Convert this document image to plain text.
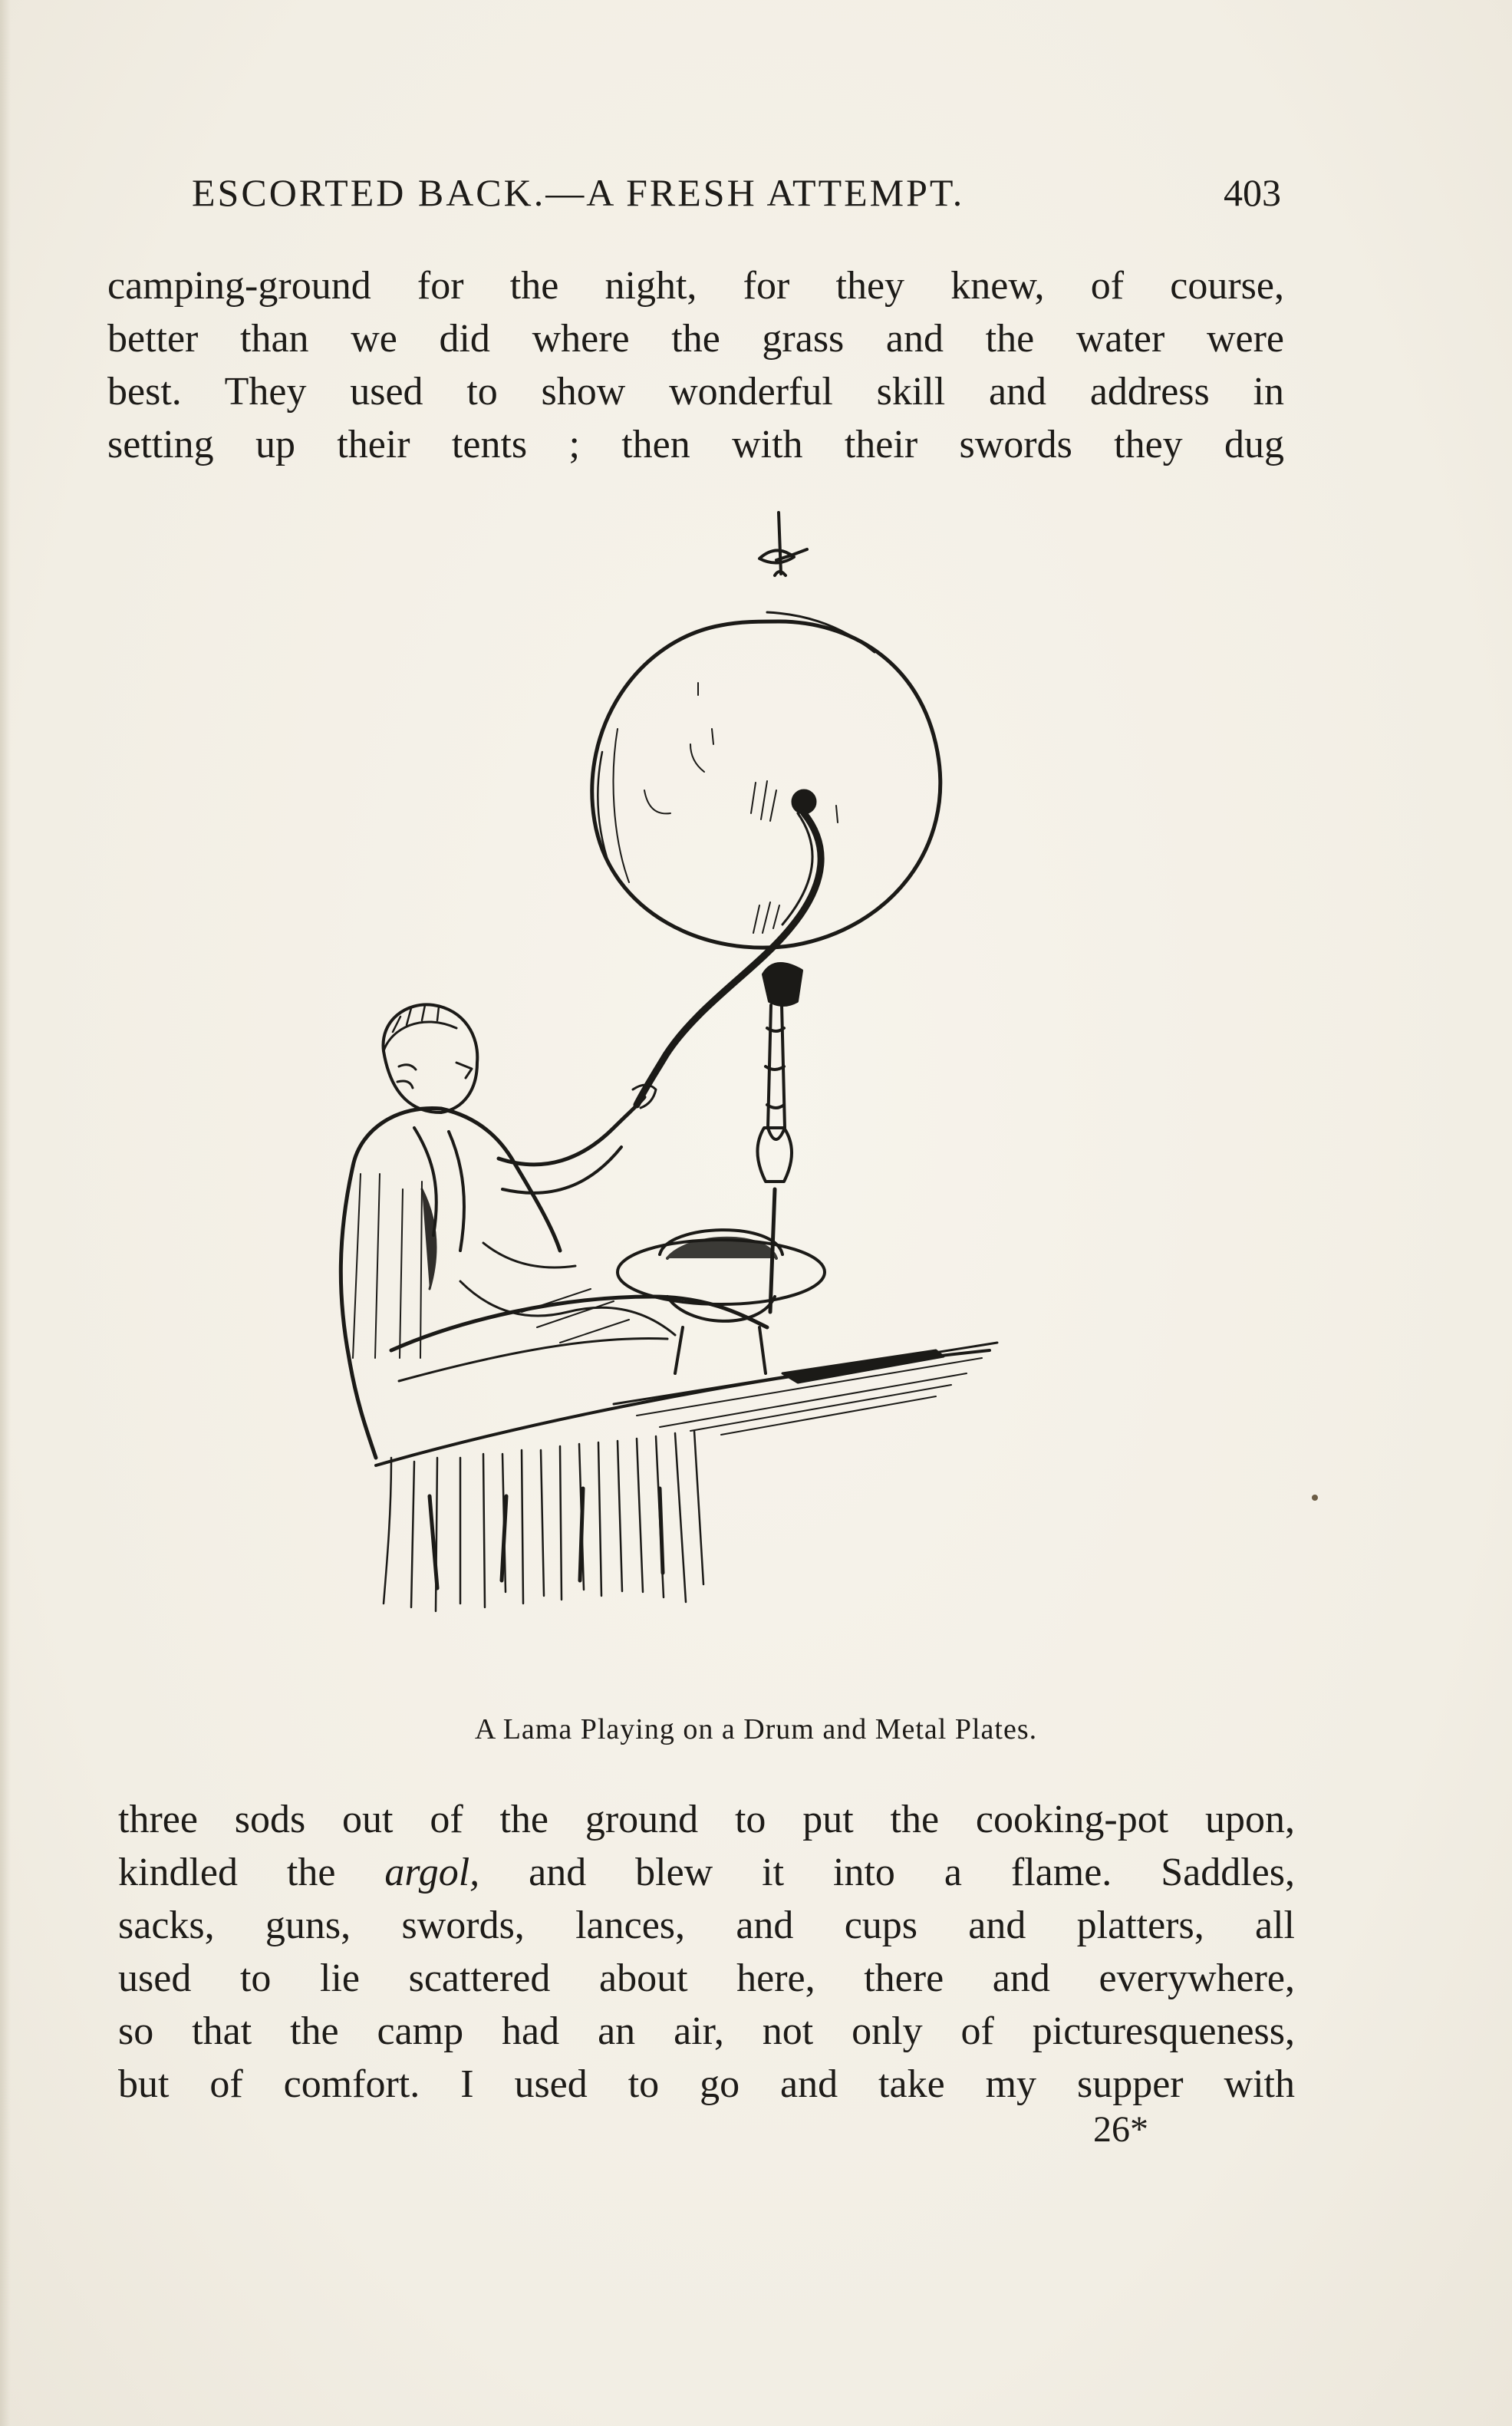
ESCORTED BACK.—A FRESH ATTEMPT.	403
camping-ground for the night, for they knew, of course,
better than we did where the grass and the water were
best. They used to show wonderful skill and address in
setting up their tents ; then with their swords they dug
A Lama Playing on a Drum and Metal Plates.
three sods out of the ground to put the cooking-pot upon,
kindled the argol, and blew it into a flame. Saddles,
sacks, guns, swords, lances, and cups and platters, all
used to lie scattered about here, there and everywhere,
so that the camp had an air, not only of picturesqueness,
but of comfort. I used to go and take my supper with
26*
